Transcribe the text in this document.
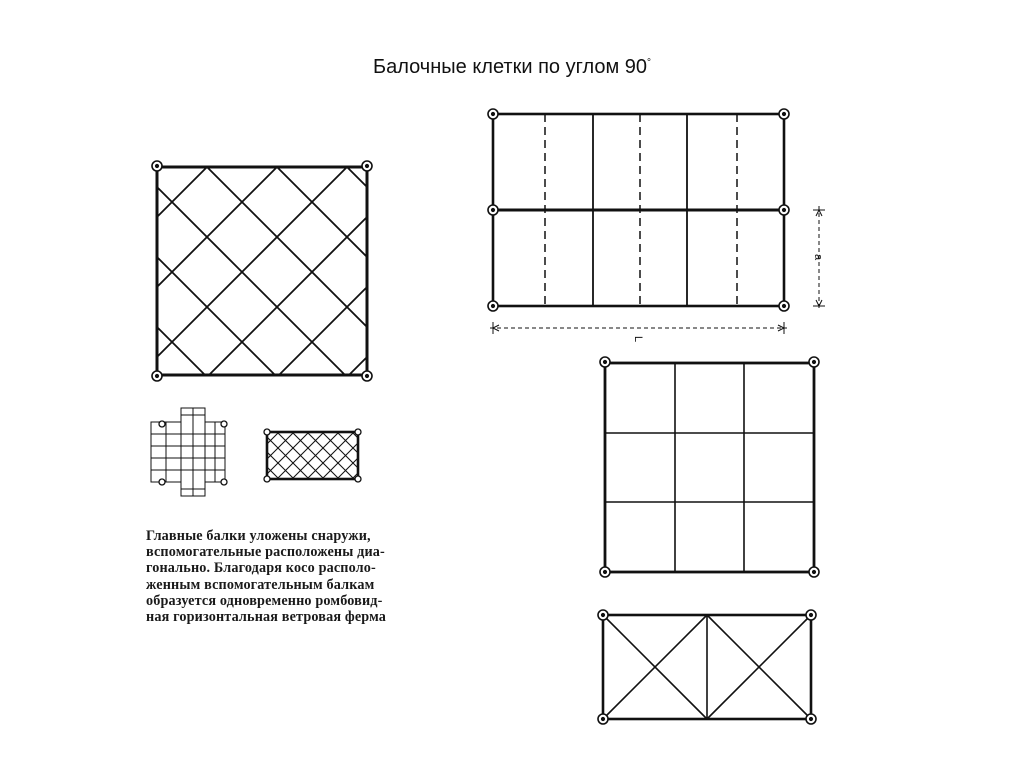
Балочные клетки по углом 90°
a
L
Главные балки уложены снаружи,
вспомогательные расположены диа-
гонально. Благодаря косо располо-
женным вспомогательным балкам
образуется одновременно ромбовид-
ная горизонтальная ветровая ферма
